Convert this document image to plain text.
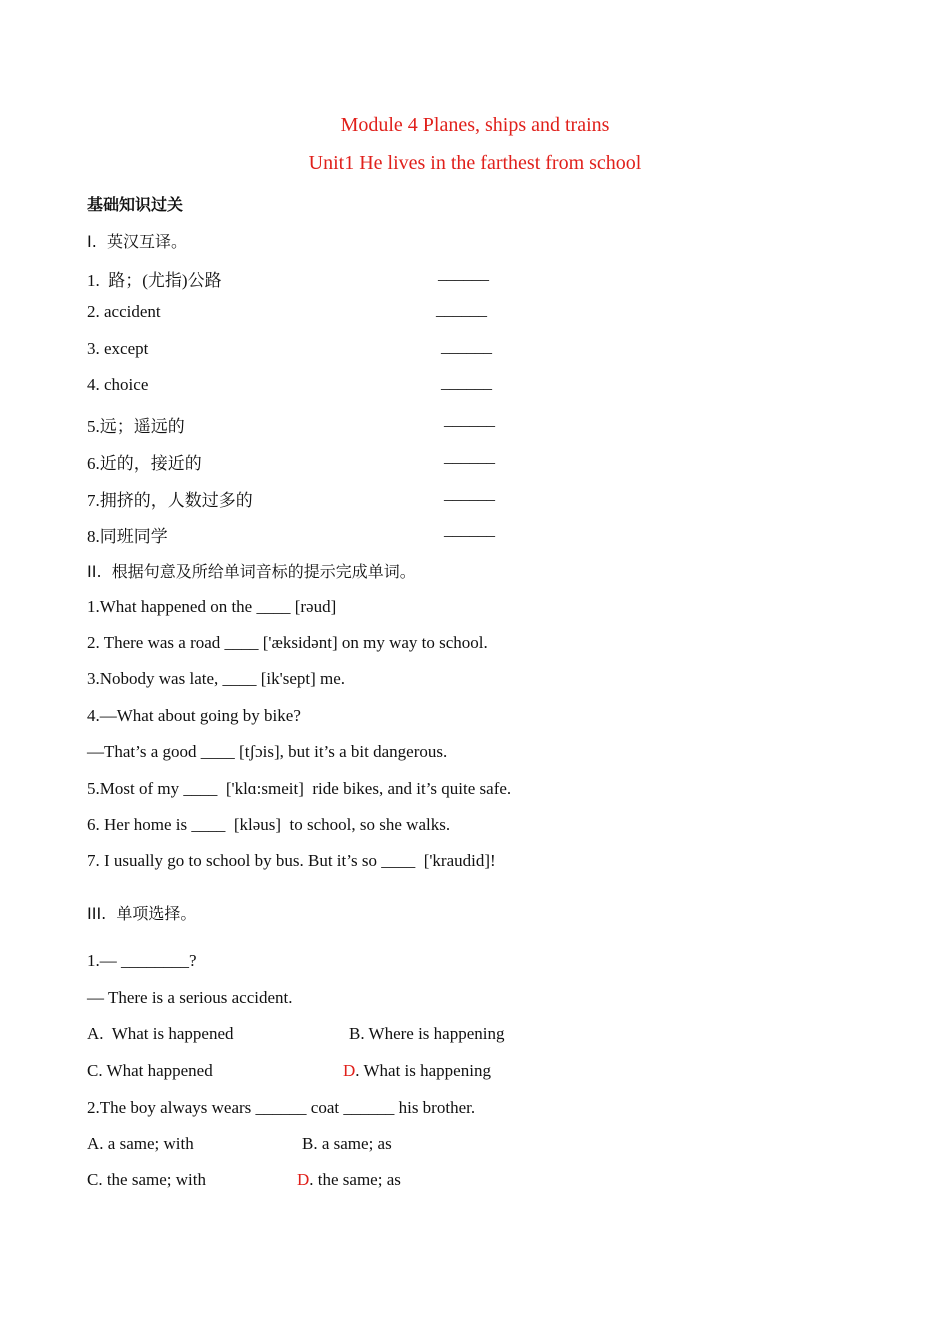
Module 4 Planes, ships and trains
Unit1 He lives in the farthest from school
基础知识过关
I.  英汉互译。
1.  路；(尤指)公路	______
2. accident	______
3. except	______
4. choice	______
5.远；遥远的	______
6.近的，接近的	______
7.拥挤的，人数过多的	______
8.同班同学	______
II.  根据句意及所给单词音标的提示完成单词。
1.What happened on the ____ [rəud]
2. There was a road ____ ['æksidənt] on my way to school.
3.Nobody was late, ____ [ik'sept] me.
4.—What about going by bike?
—That’s a good ____ [tʃɔis], but it’s a bit dangerous.
5.Most of my ____  ['klɑ:smeit]  ride bikes, and it’s quite safe.
6. Her home is ____  [kləus]  to school, so she walks.
7. I usually go to school by bus. But it’s so ____  ['kraudid]!
III.  单项选择。
1.— ________?
— There is a serious accident.
A.  What is happened	B. Where is happening
C. What happened	D. What is happening
2.The boy always wears ______ coat ______ his brother.
A. a same; with	B. a same; as
C. the same; with	D. the same; as
